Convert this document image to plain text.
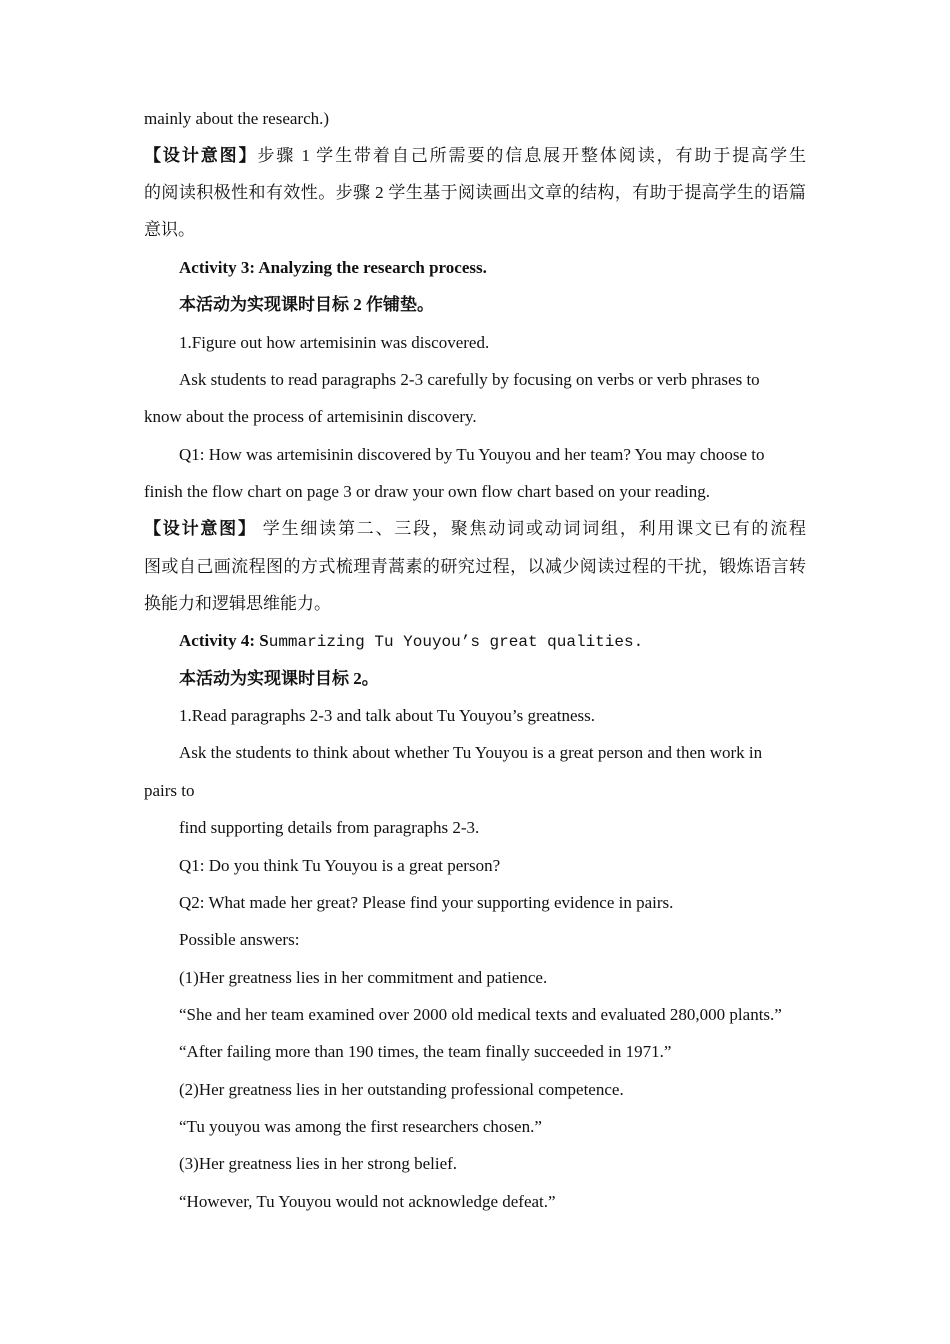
mainly about the research.)
【设计意图】步骤 1 学生带着自己所需要的信息展开整体阅读，有助于提高学生
的阅读积极性和有效性。步骤 2 学生基于阅读画出文章的结构，有助于提高学生的语篇
意识。
Activity 3: Analyzing the research process.
本活动为实现课时目标 2 作铺垫。
1.Figure out how artemisinin was discovered.
Ask students to read paragraphs 2-3 carefully by focusing on verbs or verb phrases to
know about the process of artemisinin discovery.
Q1: How was artemisinin discovered by Tu Youyou and her team? You may choose to
finish the flow chart on page 3 or draw your own flow chart based on your reading.
【设计意图】 学生细读第二、三段，聚焦动词或动词词组，利用课文已有的流程
图或自己画流程图的方式梳理青蒿素的研究过程，以减少阅读过程的干扰，锻炼语言转
换能力和逻辑思维能力。
Activity 4: Summarizing Tu Youyou’s great qualities.
本活动为实现课时目标 2。
1.Read paragraphs 2-3 and talk about Tu Youyou’s greatness.
Ask the students to think about whether Tu Youyou is a great person and then work in
pairs to
find supporting details from paragraphs 2-3.
Q1: Do you think Tu Youyou is a great person?
Q2: What made her great? Please find your supporting evidence in pairs.
Possible answers:
(1)Her greatness lies in her commitment and patience.
“She and her team examined over 2000 old medical texts and evaluated 280,000 plants.”
“After failing more than 190 times, the team finally succeeded in 1971.”
(2)Her greatness lies in her outstanding professional competence.
“Tu youyou was among the first researchers chosen.”
(3)Her greatness lies in her strong belief.
“However, Tu Youyou would not acknowledge defeat.”
